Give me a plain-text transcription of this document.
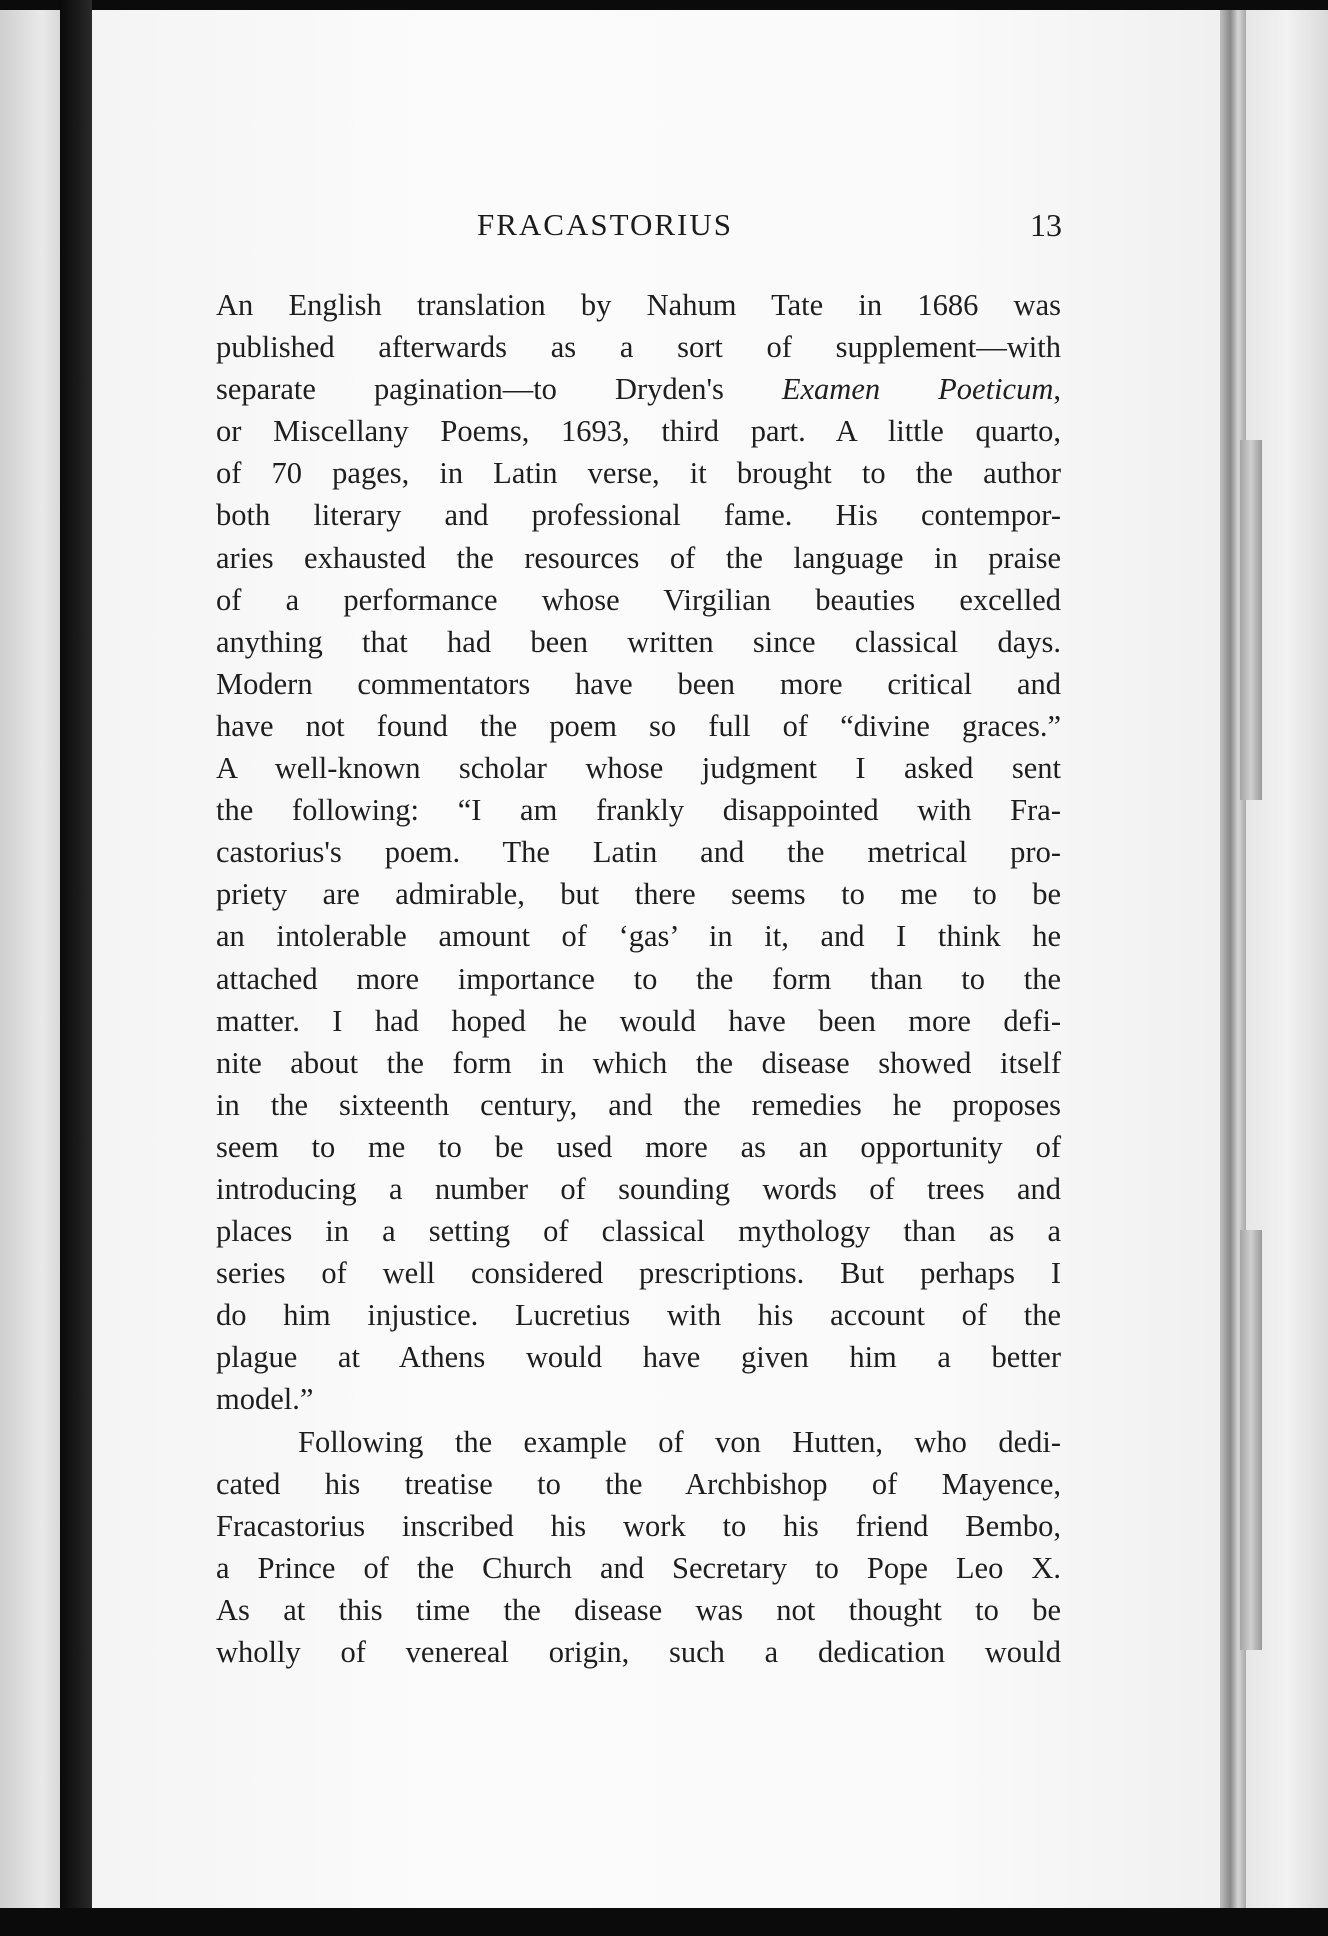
FRACASTORIUS	13
An English translation by Nahum Tate in 1686 was
published afterwards as a sort of supplement—with
separate pagination—to Dryden's Examen Poeticum,
or Miscellany Poems, 1693, third part. A little quarto,
of 70 pages, in Latin verse, it brought to the author
both literary and professional fame. His contempor-
aries exhausted the resources of the language in praise
of a performance whose Virgilian beauties excelled
anything that had been written since classical days.
Modern commentators have been more critical and
have not found the poem so full of “divine graces.”
A well-known scholar whose judgment I asked sent
the following: “I am frankly disappointed with Fra-
castorius's poem. The Latin and the metrical pro-
priety are admirable, but there seems to me to be
an intolerable amount of ‘gas’ in it, and I think he
attached more importance to the form than to the
matter. I had hoped he would have been more defi-
nite about the form in which the disease showed itself
in the sixteenth century, and the remedies he proposes
seem to me to be used more as an opportunity of
introducing a number of sounding words of trees and
places in a setting of classical mythology than as a
series of well considered prescriptions. But perhaps I
do him injustice. Lucretius with his account of the
plague at Athens would have given him a better
model.”
Following the example of von Hutten, who dedi-
cated his treatise to the Archbishop of Mayence,
Fracastorius inscribed his work to his friend Bembo,
a Prince of the Church and Secretary to Pope Leo X.
As at this time the disease was not thought to be
wholly of venereal origin, such a dedication would
